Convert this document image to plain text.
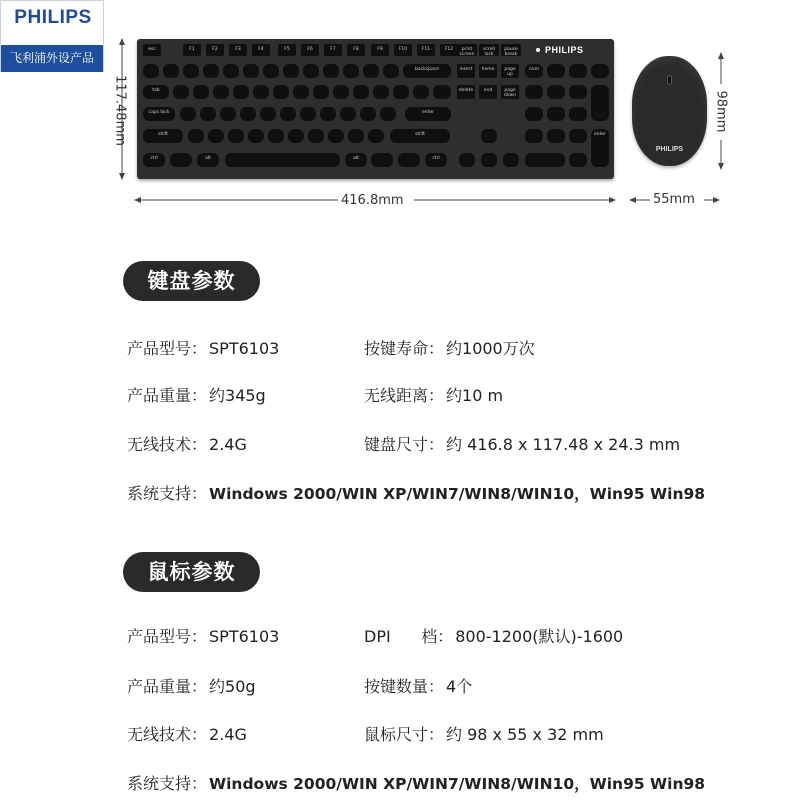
PHILIPS
飞利浦外设产品
117.48mm
416.8mm
98mm
55mm
PHILIPS
esc	F1	F2	F3	F4	F5	F6	F7	F8	F9	F10	F11	F12	print screen
scroll lock
pause break
backspace	insert	home	page up
tab	delete	end	page down
caps lock	enter
shift	shift
ctrl	alt	alt	ctrl
num
enter
PHILIPS
键盘参数
产品型号： SPT6103	按键寿命： 约1000万次
产品重量： 约345g	无线距离： 约10 m
无线技术： 2.4G	键盘尺寸： 约 416.8 x 117.48 x 24.3 mm
系统支持： Windows 2000/WIN XP/WIN7/WIN8/WIN10，Win95 Win98
鼠标参数
产品型号： SPT6103	DPI      档： 800-1200(默认)-1600
产品重量： 约50g	按键数量： 4个
无线技术： 2.4G	鼠标尺寸： 约 98 x 55 x 32 mm
系统支持： Windows 2000/WIN XP/WIN7/WIN8/WIN10，Win95 Win98
